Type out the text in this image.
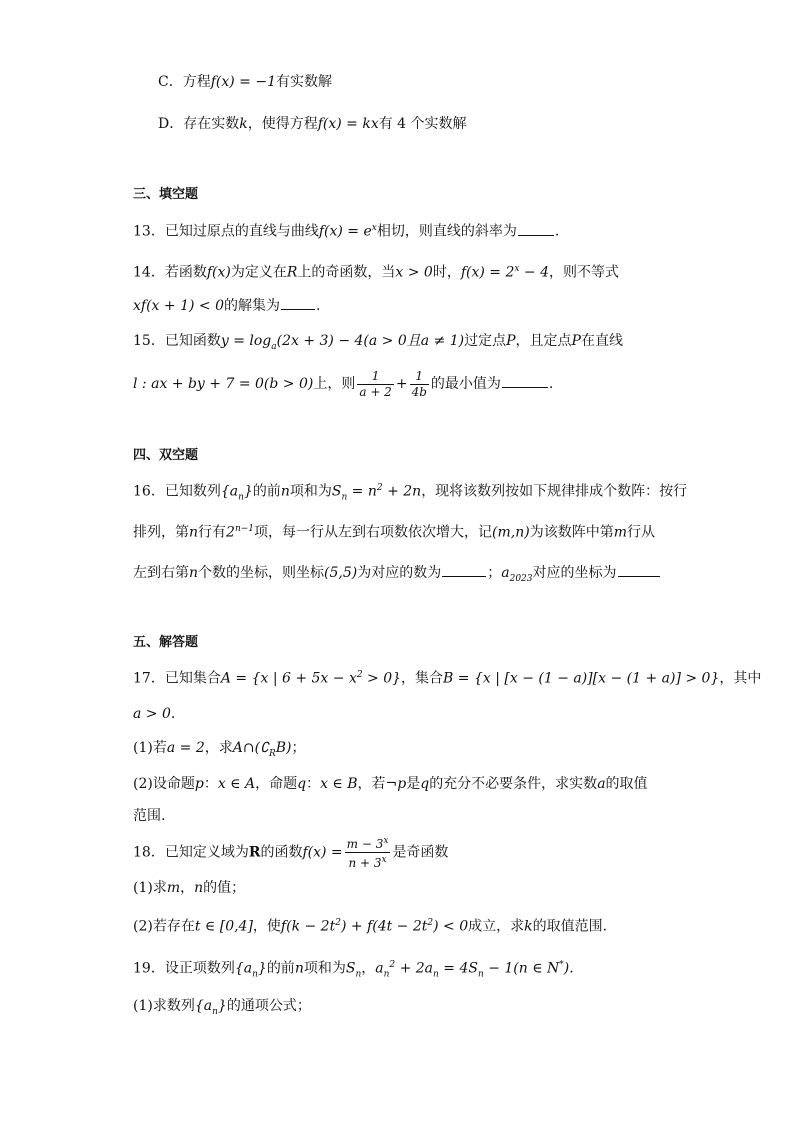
C．方程f(x) = −1有实数解
D．存在实数k，使得方程f(x) = kx有 4 个实数解
三、填空题
13．已知过原点的直线与曲线$f(x) = e^x$相切，则直线的斜率为	.
14．若函数f(x)为定义在R上的奇函数，当x > 0时，$f(x) = 2^x - 4$，则不等式
xf(x + 1) < 0的解集为	.
15．已知函数$y = \log_a(2x + 3) - 4(a > 0$且a ≠ 1)过定点P，且定点P在直线
l : ax + by + 7 = 0(b > 0)上，则 $\frac{1}{a + 2} + \frac{1}{4b}$ 的最小值为	.
四、双空题
16．已知数列$\{a_n\}$的前n项和为$S_n = n^2 + 2n$，现将该数列按如下规律排成个数阵：按行
排列，第n行有$2^{n-1}$项，每一行从左到右项数依次增大，记(m,n)为该数阵中第m行从
左到右第n个数的坐标，则坐标(5,5)为对应的数为	；$a_{2023}$对应的坐标为
五、解答题
17．已知集合A = {x | $6 + 5x - x^2 > 0$}，集合B = {x | [x − (1 − a)][x − (1 + a)] > 0}，其中
a > 0.
(1)若a = 2，求$A\cap(∁_RB)$；
(2)设命题p：x ∈ A，命题q：x ∈ B，若¬p是q的充分不必要条件，求实数a的取值
范围.
18．已知定义域为R的函数$f(x) = \frac{m - 3^x}{n + 3^x}$ 是奇函数
(1)求m，n的值；
(2)若存在t ∈ [0,4]，使$f(k - 2t^2) + f(4t - 2t^2) < 0$成立，求k的取值范围.
19．设正项数列$\{a_n\}$的前n项和为$S_n$，$a_n^2 + 2a_n = 4S_n - 1(n$ ∈ N*).
(1)求数列$\{a_n\}$的通项公式；
